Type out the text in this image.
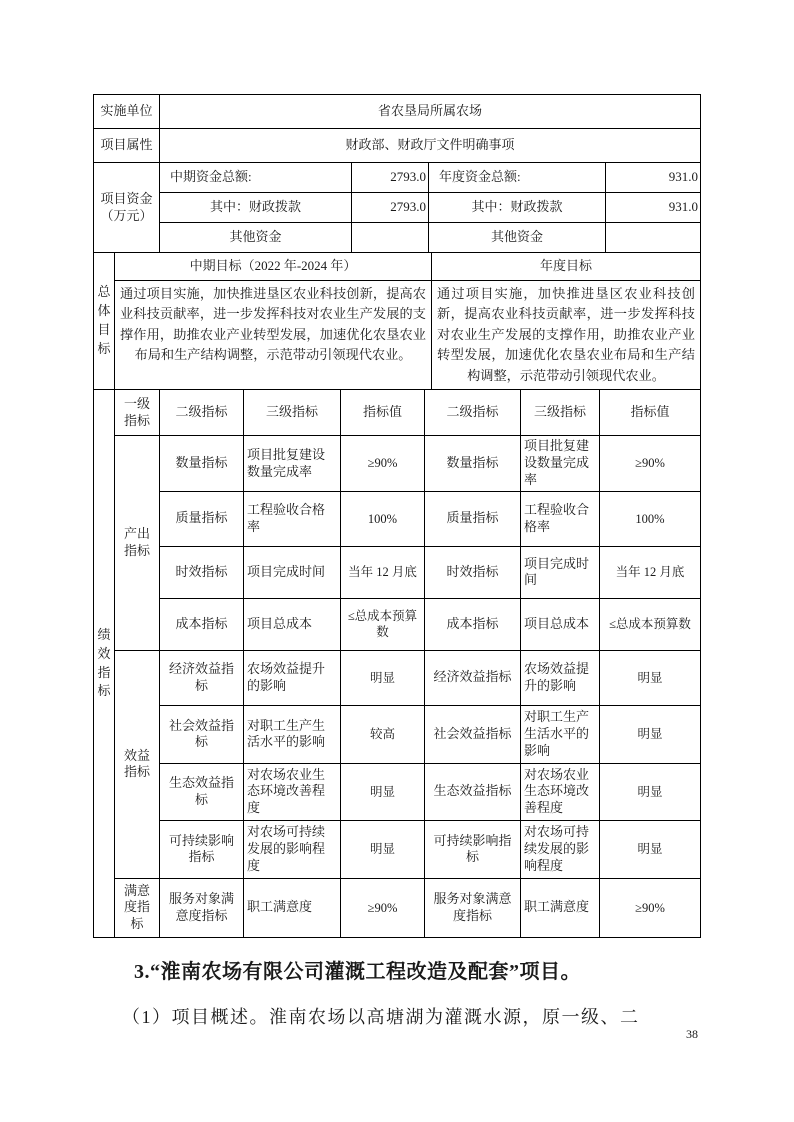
实施单位	省农垦局所属农场			
项目属性	财政部、财政厅文件明确事项			
项目资金（万元）	中期资金总额:	2793.0	年度资金总额:	931.0
	其中：财政拨款	2793.0	其中：财政拨款	931.0
	其他资金		其他资金	
总体目标	中期目标（2022 年-2024 年）	年度目标
	通过项目实施，加快推进垦区农业科技创新，提高农业科技贡献率，进一步发挥科技对农业生产发展的支撑作用，助推农业产业转型发展，加速优化农垦农业布局和生产结构调整，示范带动引领现代农业。	通过项目实施，加快推进垦区农业科技创新，提高农业科技贡献率，进一步发挥科技对农业生产发展的支撑作用，助推农业产业转型发展，加速优化农垦农业布局和生产结构调整，示范带动引领现代农业。
绩效指标	一级指标	二级指标	三级指标	指标值	二级指标	三级指标	指标值
	产出指标	数量指标	项目批复建设数量完成率	≥90%	数量指标	项目批复建设数量完成率	≥90%
		质量指标	工程验收合格率	100%	质量指标	工程验收合格率	100%
		时效指标	项目完成时间	当年 12 月底	时效指标	项目完成时间	当年 12 月底
		成本指标	项目总成本	≤总成本预算数	成本指标	项目总成本	≤总成本预算数
	效益指标	经济效益指标	农场效益提升的影响	明显	经济效益指标	农场效益提升的影响	明显
		社会效益指标	对职工生产生活水平的影响	较高	社会效益指标	对职工生产生活水平的影响	明显
		生态效益指标	对农场农业生态环境改善程度	明显	生态效益指标	对农场农业生态环境改善程度	明显
		可持续影响指标	对农场可持续发展的影响程度	明显	可持续影响指标	对农场可持续发展的影响程度	明显
	满意度指标	服务对象满意度指标	职工满意度	≥90%	服务对象满意度指标	职工满意度	≥90%
3.“淮南农场有限公司灌溉工程改造及配套”项目。
（1）项目概述。淮南农场以高塘湖为灌溉水源，原一级、二
38
